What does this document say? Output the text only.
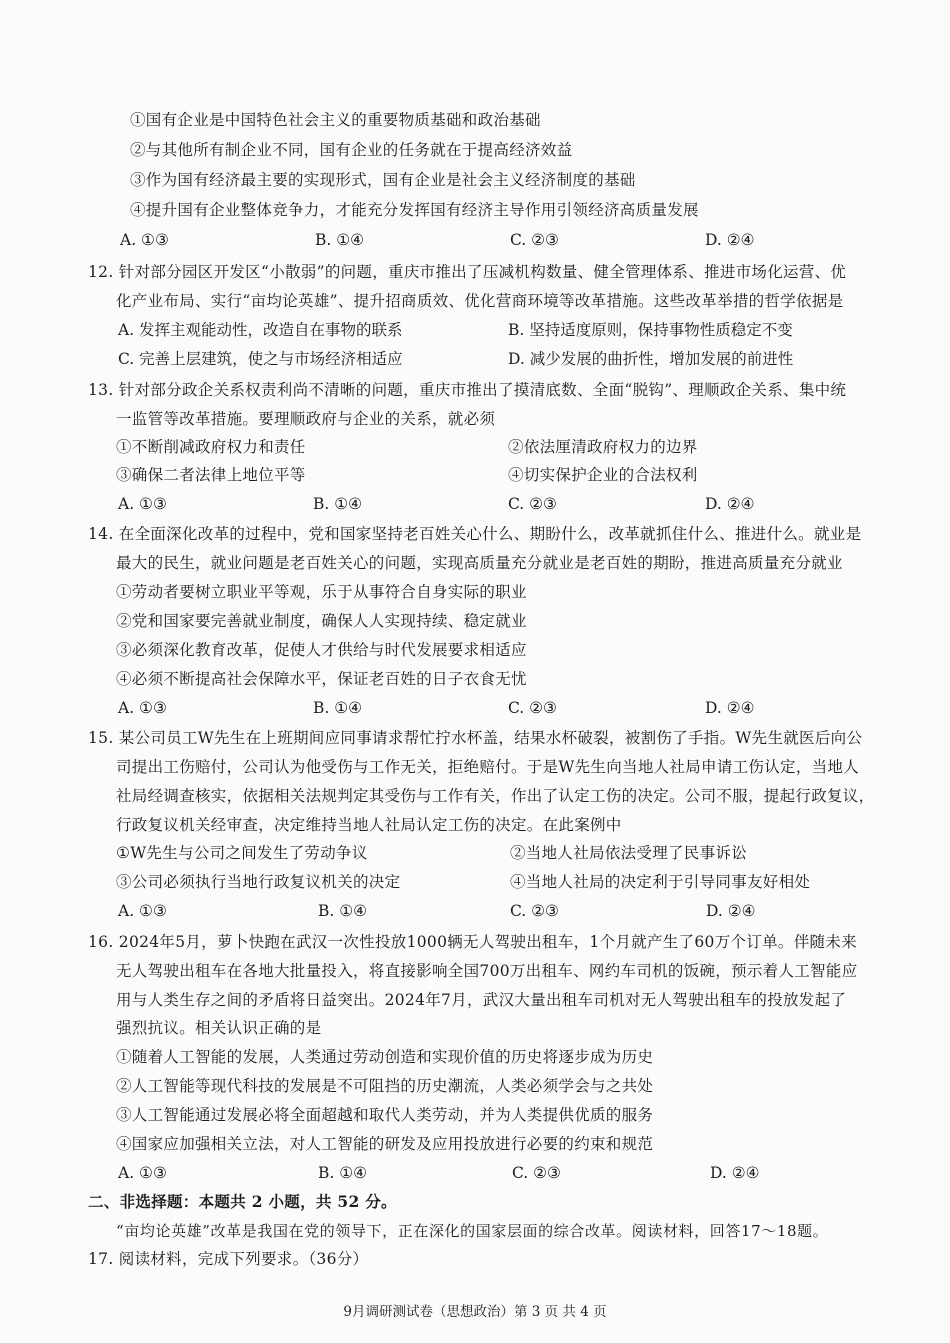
①国有企业是中国特色社会主义的重要物质基础和政治基础
②与其他所有制企业不同，国有企业的任务就在于提高经济效益
③作为国有经济最主要的实现形式，国有企业是社会主义经济制度的基础
④提升国有企业整体竞争力，才能充分发挥国有经济主导作用引领经济高质量发展
A. ①③	B. ①④	C. ②③	D. ②④
12. 针对部分园区开发区“小散弱”的问题，重庆市推出了压减机构数量、健全管理体系、推进市场化运营、优
化产业布局、实行“亩均论英雄”、提升招商质效、优化营商环境等改革措施。这些改革举措的哲学依据是
A. 发挥主观能动性，改造自在事物的联系	B. 坚持适度原则，保持事物性质稳定不变
C. 完善上层建筑，使之与市场经济相适应	D. 减少发展的曲折性，增加发展的前进性
13. 针对部分政企关系权责利尚不清晰的问题，重庆市推出了摸清底数、全面“脱钩”、理顺政企关系、集中统
一监管等改革措施。要理顺政府与企业的关系，就必须
①不断削减政府权力和责任	②依法厘清政府权力的边界
③确保二者法律上地位平等	④切实保护企业的合法权利
A. ①③	B. ①④	C. ②③	D. ②④
14. 在全面深化改革的过程中，党和国家坚持老百姓关心什么、期盼什么，改革就抓住什么、推进什么。就业是
最大的民生，就业问题是老百姓关心的问题，实现高质量充分就业是老百姓的期盼，推进高质量充分就业
①劳动者要树立职业平等观，乐于从事符合自身实际的职业
②党和国家要完善就业制度，确保人人实现持续、稳定就业
③必须深化教育改革，促使人才供给与时代发展要求相适应
④必须不断提高社会保障水平，保证老百姓的日子衣食无忧
A. ①③	B. ①④	C. ②③	D. ②④
15. 某公司员工W先生在上班期间应同事请求帮忙拧水杯盖，结果水杯破裂，被割伤了手指。W先生就医后向公
司提出工伤赔付，公司认为他受伤与工作无关，拒绝赔付。于是W先生向当地人社局申请工伤认定，当地人
社局经调查核实，依据相关法规判定其受伤与工作有关，作出了认定工伤的决定。公司不服，提起行政复议，
行政复议机关经审查，决定维持当地人社局认定工伤的决定。在此案例中
①W先生与公司之间发生了劳动争议	②当地人社局依法受理了民事诉讼
③公司必须执行当地行政复议机关的决定	④当地人社局的决定利于引导同事友好相处
A. ①③	B. ①④	C. ②③	D. ②④
16. 2024年5月，萝卜快跑在武汉一次性投放1000辆无人驾驶出租车，1个月就产生了60万个订单。伴随未来
无人驾驶出租车在各地大批量投入，将直接影响全国700万出租车、网约车司机的饭碗，预示着人工智能应
用与人类生存之间的矛盾将日益突出。2024年7月，武汉大量出租车司机对无人驾驶出租车的投放发起了
强烈抗议。相关认识正确的是
①随着人工智能的发展，人类通过劳动创造和实现价值的历史将逐步成为历史
②人工智能等现代科技的发展是不可阻挡的历史潮流，人类必须学会与之共处
③人工智能通过发展必将全面超越和取代人类劳动，并为人类提供优质的服务
④国家应加强相关立法，对人工智能的研发及应用投放进行必要的约束和规范
A. ①③	B. ①④	C. ②③	D. ②④
二、非选择题：本题共 2 小题，共 52 分。
“亩均论英雄”改革是我国在党的领导下，正在深化的国家层面的综合改革。阅读材料，回答17～18题。
17. 阅读材料，完成下列要求。（36分）
9月调研测试卷（思想政治）第 3 页 共 4 页
